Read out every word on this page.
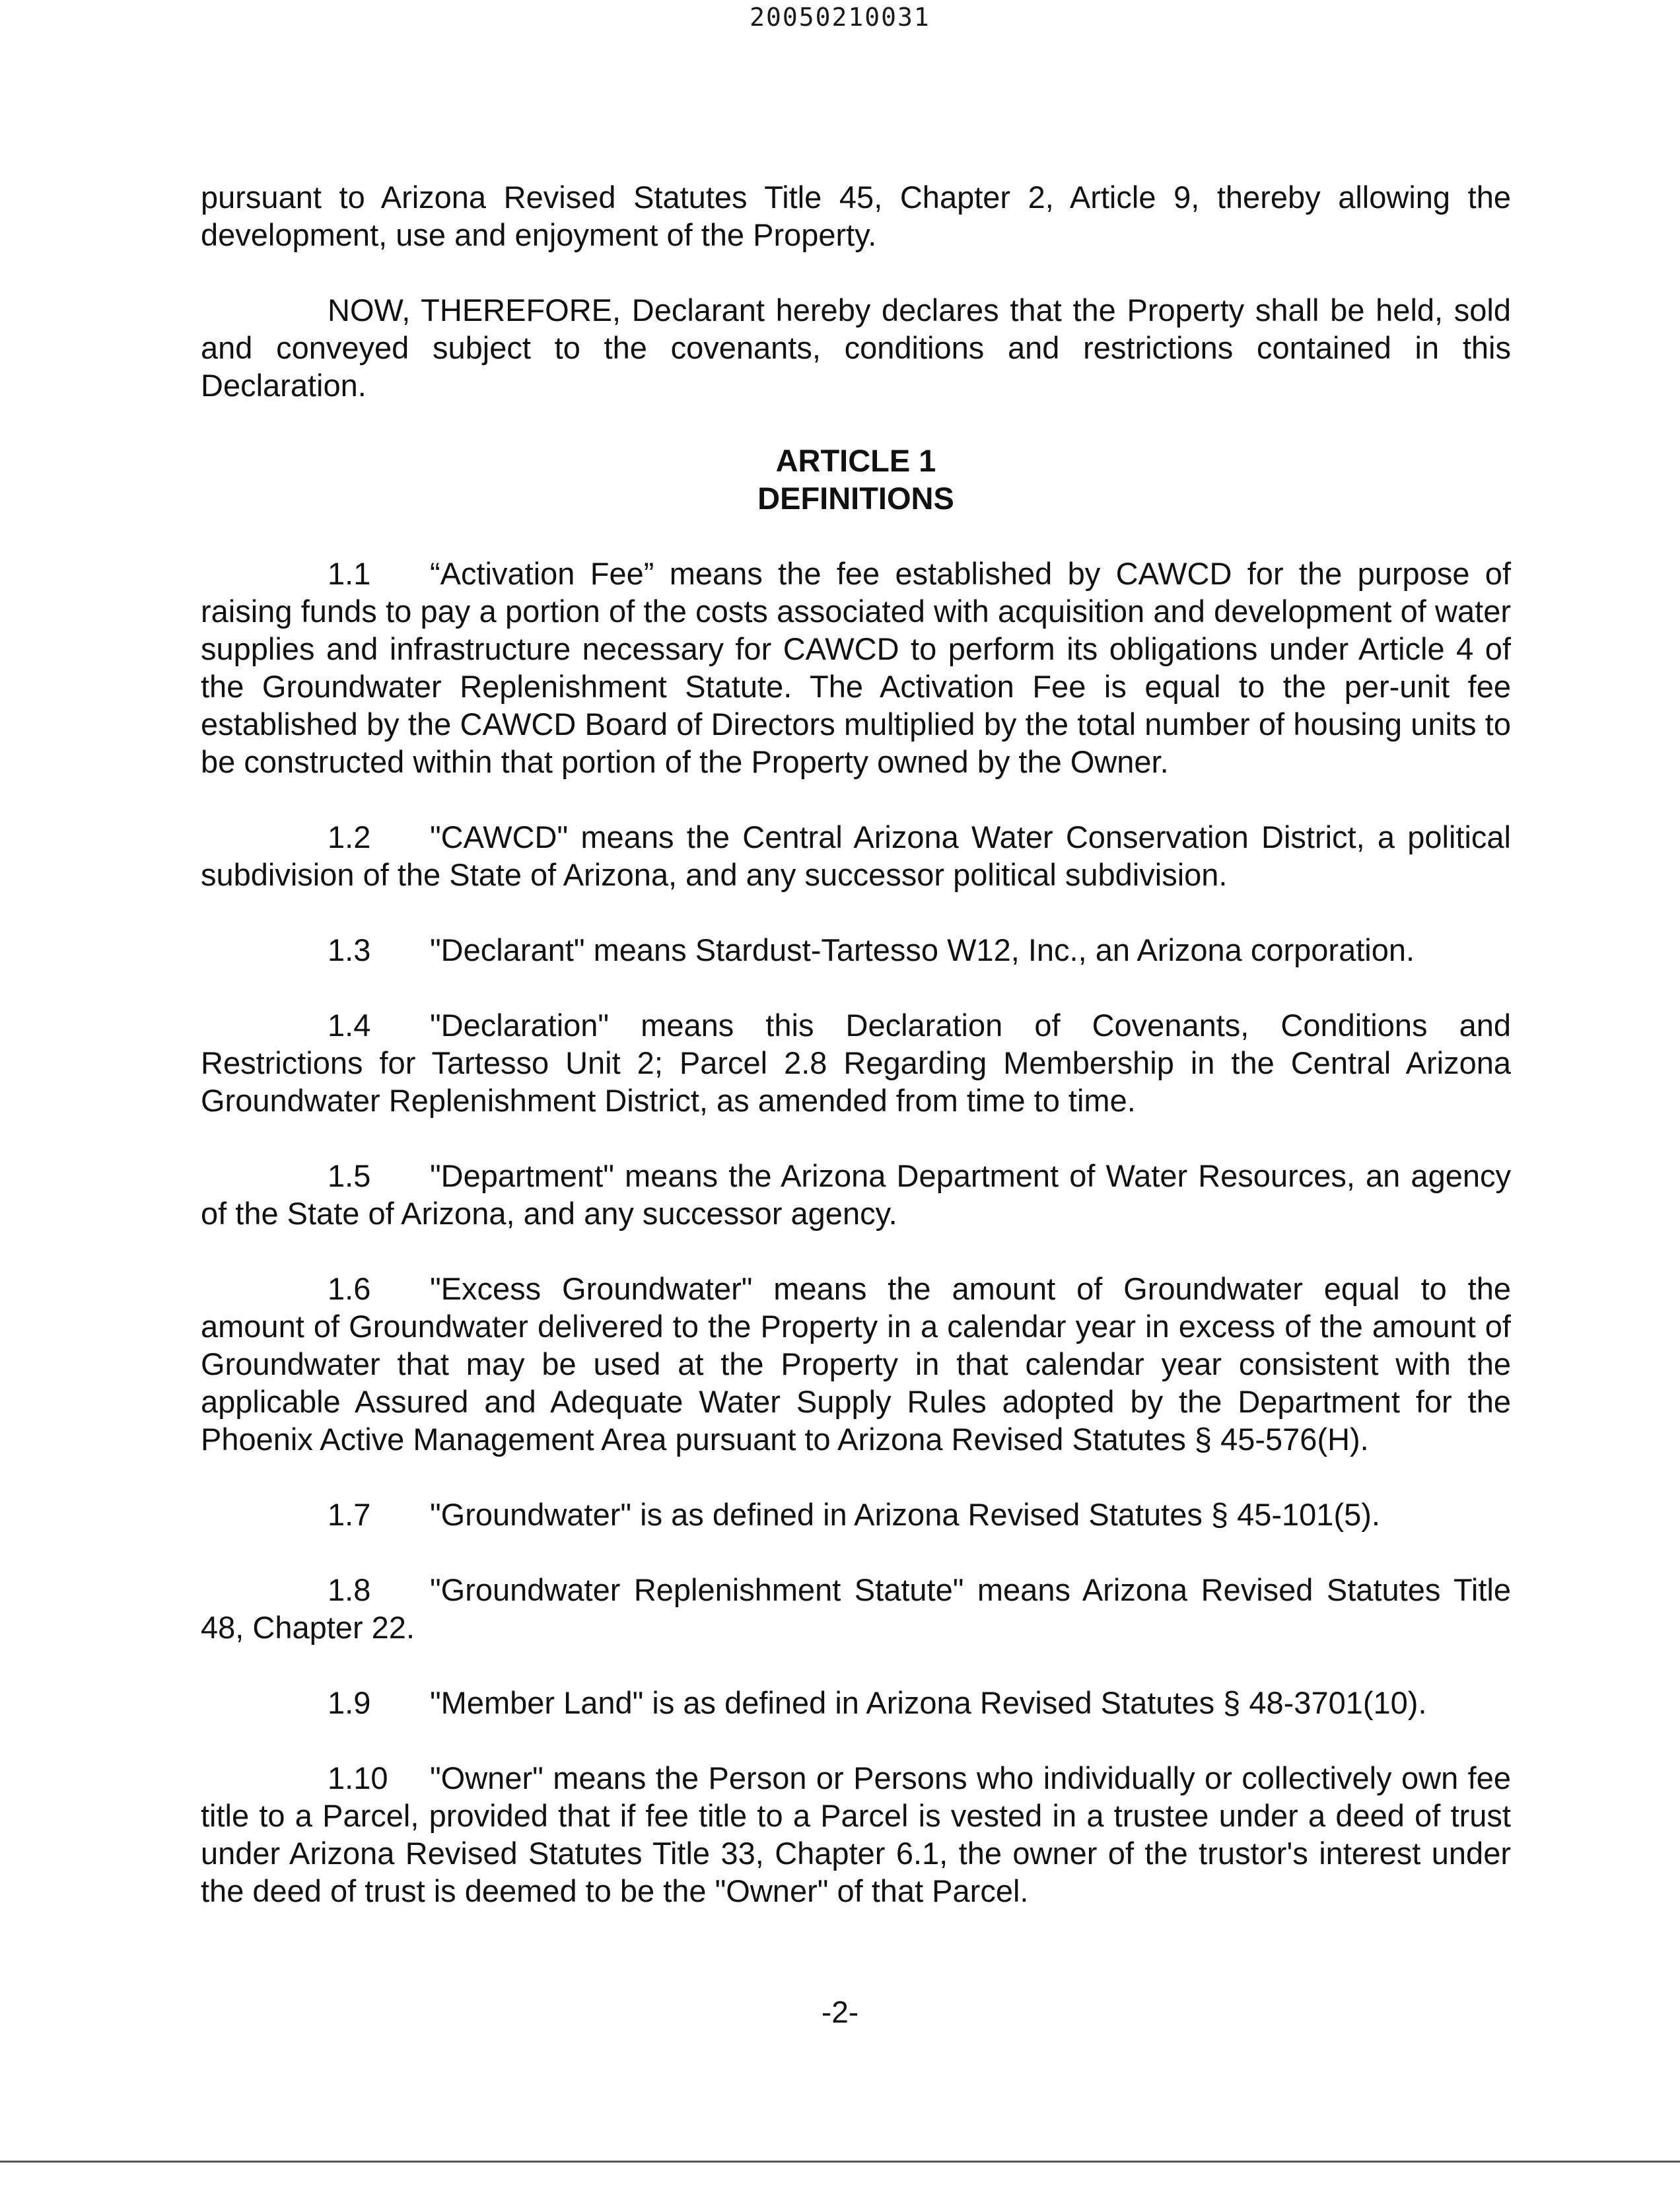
20050210031

pursuant to Arizona Revised Statutes Title 45, Chapter 2, Article 9, thereby allowing the development, use and enjoyment of the Property.

NOW, THEREFORE, Declarant hereby declares that the Property shall be held, sold and conveyed subject to the covenants, conditions and restrictions contained in this Declaration.

ARTICLE 1
DEFINITIONS

1.1 “Activation Fee” means the fee established by CAWCD for the purpose of raising funds to pay a portion of the costs associated with acquisition and development of water supplies and infrastructure necessary for CAWCD to perform its obligations under Article 4 of the Groundwater Replenishment Statute. The Activation Fee is equal to the per-unit fee established by the CAWCD Board of Directors multiplied by the total number of housing units to be constructed within that portion of the Property owned by the Owner.

1.2 "CAWCD" means the Central Arizona Water Conservation District, a political subdivision of the State of Arizona, and any successor political subdivision.

1.3 "Declarant" means Stardust-Tartesso W12, Inc., an Arizona corporation.

1.4 "Declaration" means this Declaration of Covenants, Conditions and Restrictions for Tartesso Unit 2; Parcel 2.8 Regarding Membership in the Central Arizona Groundwater Replenishment District, as amended from time to time.

1.5 "Department" means the Arizona Department of Water Resources, an agency of the State of Arizona, and any successor agency.

1.6 "Excess Groundwater" means the amount of Groundwater equal to the amount of Groundwater delivered to the Property in a calendar year in excess of the amount of Groundwater that may be used at the Property in that calendar year consistent with the applicable Assured and Adequate Water Supply Rules adopted by the Department for the Phoenix Active Management Area pursuant to Arizona Revised Statutes § 45-576(H).

1.7 "Groundwater" is as defined in Arizona Revised Statutes § 45-101(5).

1.8 "Groundwater Replenishment Statute" means Arizona Revised Statutes Title 48, Chapter 22.

1.9 "Member Land" is as defined in Arizona Revised Statutes § 48-3701(10).

1.10 "Owner" means the Person or Persons who individually or collectively own fee title to a Parcel, provided that if fee title to a Parcel is vested in a trustee under a deed of trust under Arizona Revised Statutes Title 33, Chapter 6.1, the owner of the trustor's interest under the deed of trust is deemed to be the "Owner" of that Parcel.

-2-
